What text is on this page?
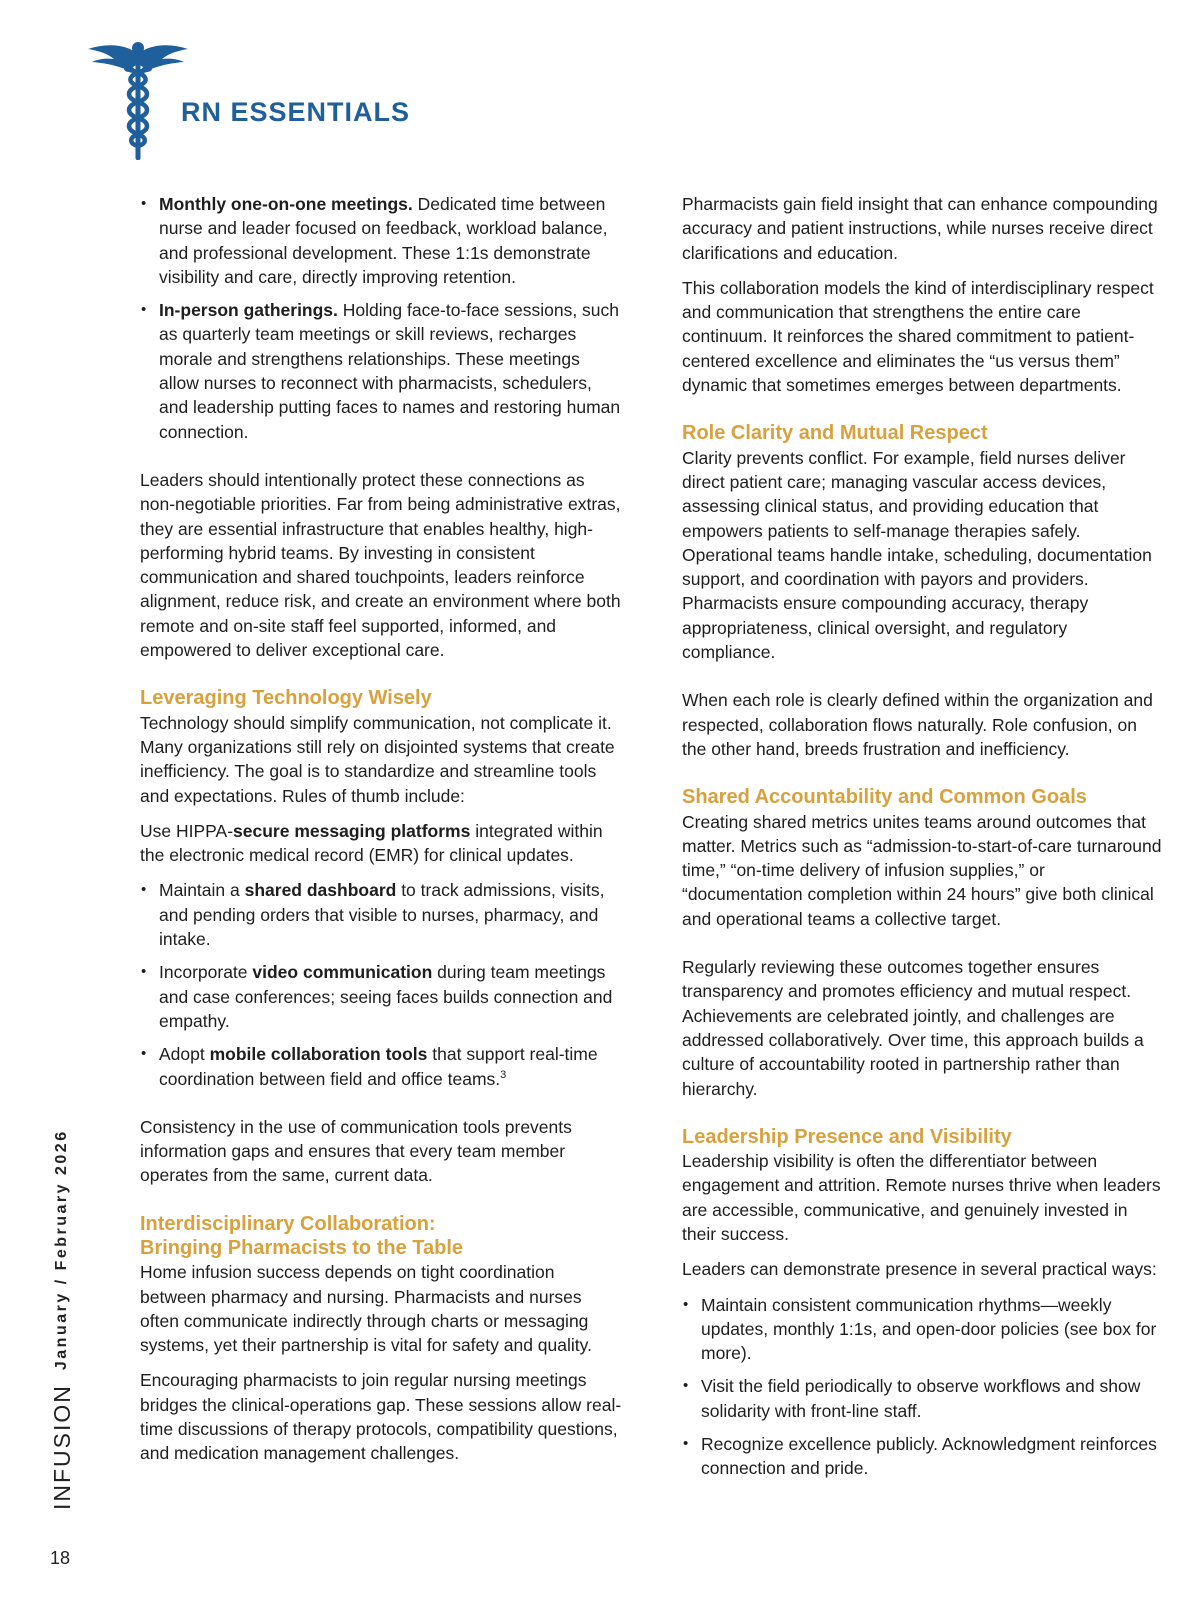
RN ESSENTIALS
INFUSION
January / February 2026
18
• Monthly one-on-one meetings. Dedicated time between nurse and leader focused on feedback, workload balance, and professional development. These 1:1s demonstrate visibility and care, directly improving retention.
• In-person gatherings. Holding face-to-face sessions, such as quarterly team meetings or skill reviews, recharges morale and strengthens relationships. These meetings allow nurses to reconnect with pharmacists, schedulers, and leadership putting faces to names and restoring human connection.

Leaders should intentionally protect these connections as non-negotiable priorities. Far from being administrative extras, they are essential infrastructure that enables healthy, high-performing hybrid teams. By investing in consistent communication and shared touchpoints, leaders reinforce alignment, reduce risk, and create an environment where both remote and on-site staff feel supported, informed, and empowered to deliver exceptional care.

Leveraging Technology Wisely

Technology should simplify communication, not complicate it. Many organizations still rely on disjointed systems that create inefficiency. The goal is to standardize and streamline tools and expectations. Rules of thumb include:

Use HIPPA-secure messaging platforms integrated within the electronic medical record (EMR) for clinical updates.

• Maintain a shared dashboard to track admissions, visits, and pending orders that visible to nurses, pharmacy, and intake.
• Incorporate video communication during team meetings and case conferences; seeing faces builds connection and empathy.
• Adopt mobile collaboration tools that support real-time coordination between field and office teams.$^3$

Consistency in the use of communication tools prevents information gaps and ensures that every team member operates from the same, current data.

Interdisciplinary Collaboration:
Bringing Pharmacists to the Table

Home infusion success depends on tight coordination between pharmacy and nursing. Pharmacists and nurses often communicate indirectly through charts or messaging systems, yet their partnership is vital for safety and quality.

Encouraging pharmacists to join regular nursing meetings bridges the clinical-operations gap. These sessions allow real-time discussions of therapy protocols, compatibility questions, and medication management challenges.

Pharmacists gain field insight that can enhance compounding accuracy and patient instructions, while nurses receive direct clarifications and education.

This collaboration models the kind of interdisciplinary respect and communication that strengthens the entire care continuum. It reinforces the shared commitment to patient-centered excellence and eliminates the “us versus them” dynamic that sometimes emerges between departments.

Role Clarity and Mutual Respect

Clarity prevents conflict. For example, field nurses deliver direct patient care; managing vascular access devices, assessing clinical status, and providing education that empowers patients to self-manage therapies safely. Operational teams handle intake, scheduling, documentation support, and coordination with payors and providers. Pharmacists ensure compounding accuracy, therapy appropriateness, clinical oversight, and regulatory compliance.

When each role is clearly defined within the organization and respected, collaboration flows naturally. Role confusion, on the other hand, breeds frustration and inefficiency.

Shared Accountability and Common Goals

Creating shared metrics unites teams around outcomes that matter. Metrics such as “admission-to-start-of-care turnaround time,” “on-time delivery of infusion supplies,” or “documentation completion within 24 hours” give both clinical and operational teams a collective target.

Regularly reviewing these outcomes together ensures transparency and promotes efficiency and mutual respect. Achievements are celebrated jointly, and challenges are addressed collaboratively. Over time, this approach builds a culture of accountability rooted in partnership rather than hierarchy.

Leadership Presence and Visibility

Leadership visibility is often the differentiator between engagement and attrition. Remote nurses thrive when leaders are accessible, communicative, and genuinely invested in their success.

Leaders can demonstrate presence in several practical ways:

• Maintain consistent communication rhythms—weekly updates, monthly 1:1s, and open-door policies (see box for more).
• Visit the field periodically to observe workflows and show solidarity with front-line staff.
• Recognize excellence publicly. Acknowledgment reinforces connection and pride.
